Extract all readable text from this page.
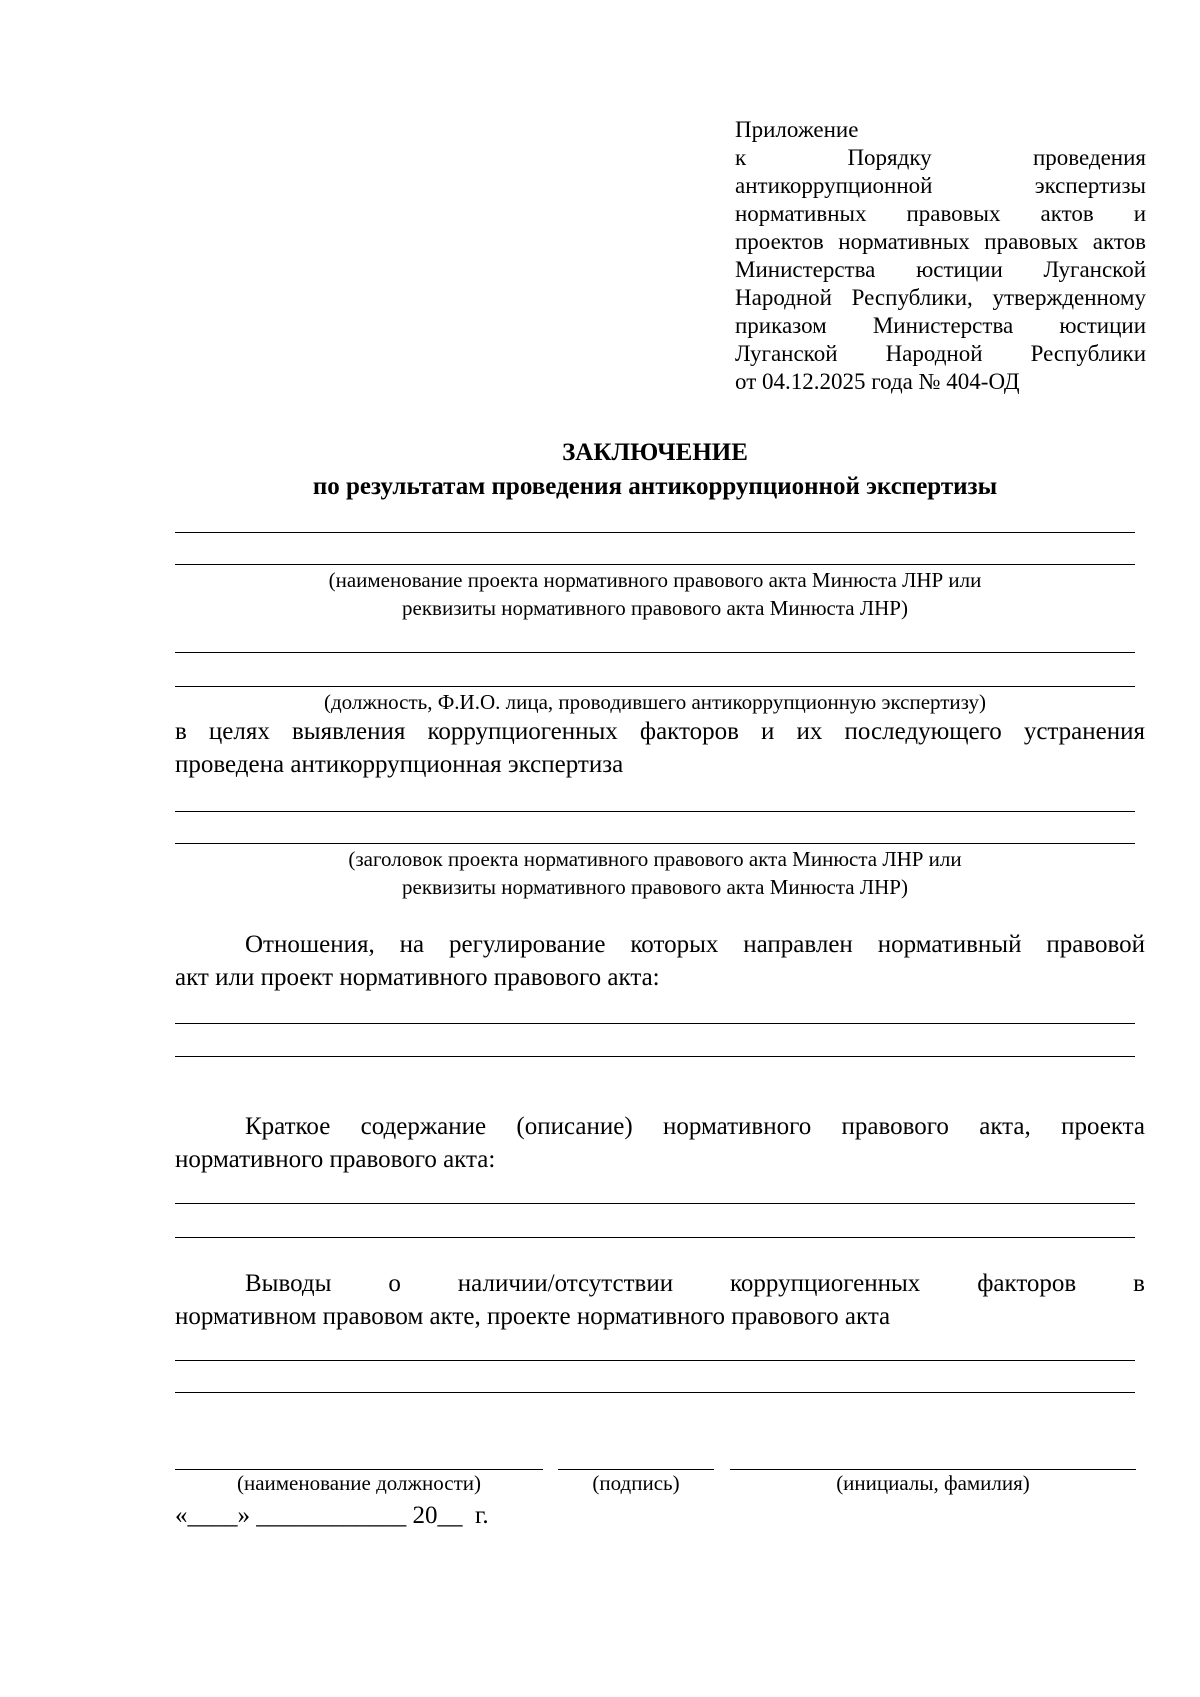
Приложение
к Порядку проведения
антикоррупционной экспертизы
нормативных правовых актов и
проектов нормативных правовых актов
Министерства юстиции Луганской
Народной Республики, утвержденному
приказом Министерства юстиции
Луганской Народной Республики
от 04.12.2025 года № 404-ОД
ЗАКЛЮЧЕНИЕ
по результатам проведения антикоррупционной экспертизы
(наименование проекта нормативного правового акта Минюста ЛНР или
реквизиты нормативного правового акта Минюста ЛНР)
(должность, Ф.И.О. лица, проводившего антикоррупционную экспертизу)
в целях выявления коррупциогенных факторов и их последующего устранения
проведена антикоррупционная экспертиза
(заголовок проекта нормативного правового акта Минюста ЛНР или
реквизиты нормативного правового акта Минюста ЛНР)
Отношения, на регулирование которых направлен нормативный правовой
акт или проект нормативного правового акта:
Краткое содержание (описание) нормативного правового акта, проекта
нормативного правового акта:
Выводы о наличии/отсутствии коррупциогенных факторов в
нормативном правовом акте, проекте нормативного правового акта
(наименование должности)	(подпись)	(инициалы, фамилия)
«____» ____________ 20__  г.
